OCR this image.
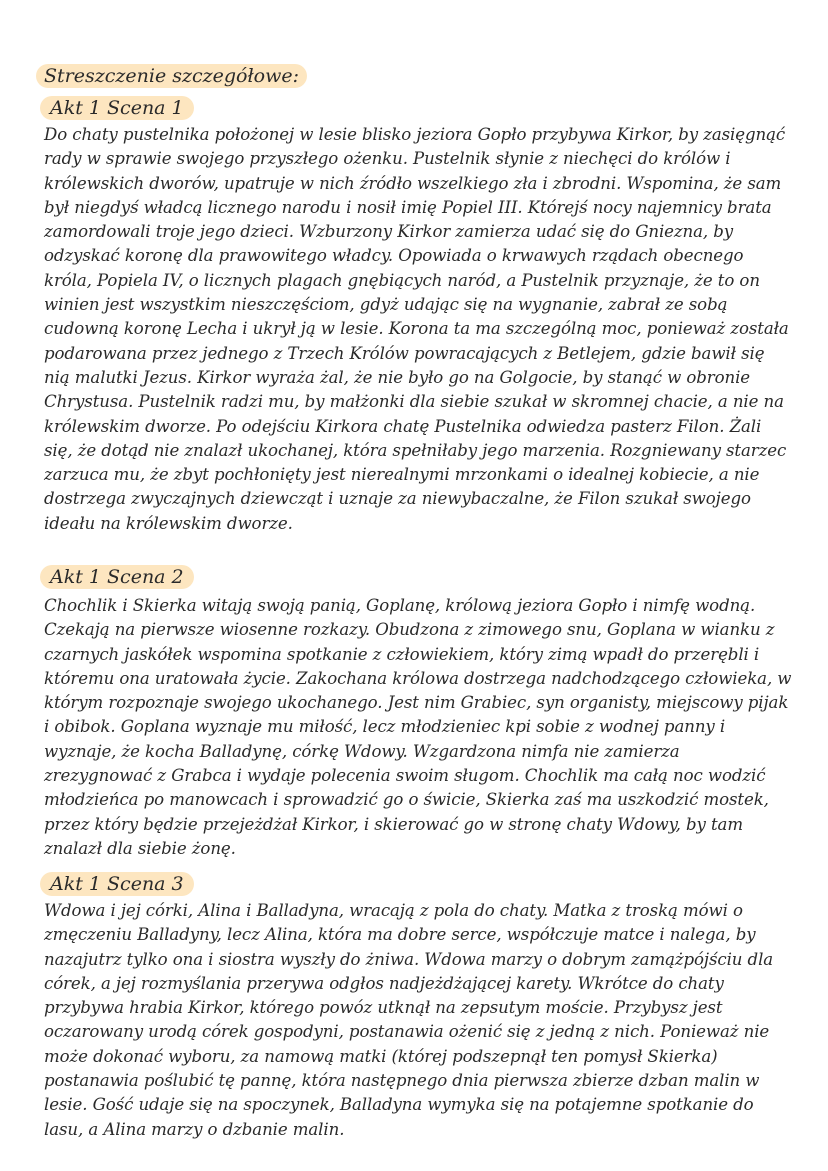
Streszczenie szczegółowe:
Akt 1 Scena 1

Do chaty pustelnika położonej w lesie blisko jeziora Gopło przybywa Kirkor, by zasięgnąć rady w sprawie swojego przyszłego ożenku. Pustelnik słynie z niechęci do królów i królewskich dworów, upatruje w nich źródło wszelkiego zła i zbrodni. Wspomina, że sam był niegdyś władcą licznego narodu i nosił imię Popiel III. Którejś nocy najemnicy brata zamordowali troje jego dzieci. Wzburzony Kirkor zamierza udać się do Gniezna, by odzyskać koronę dla prawowitego władcy. Opowiada o krwawych rządach obecnego króla, Popiela IV, o licznych plagach gnębiących naród, a Pustelnik przyznaje, że to on winien jest wszystkim nieszczęściom, gdyż udając się na wygnanie, zabrał ze sobą cudowną koronę Lecha i ukrył ją w lesie. Korona ta ma szczególną moc, ponieważ została podarowana przez jednego z Trzech Królów powracających z Betlejem, gdzie bawił się nią malutki Jezus. Kirkor wyraża żal, że nie było go na Golgocie, by stanąć w obronie Chrystusa. Pustelnik radzi mu, by małżonki dla siebie szukał w skromnej chacie, a nie na królewskim dworze. Po odejściu Kirkora chatę Pustelnika odwiedza pasterz Filon. Żali się, że dotąd nie znalazł ukochanej, która spełniłaby jego marzenia. Rozgniewany starzec zarzuca mu, że zbyt pochłonięty jest nierealnymi mrzonkami o idealnej kobiecie, a nie dostrzega zwyczajnych dziewcząt i uznaje za niewybaczalne, że Filon szukał swojego ideału na królewskim dworze.

Akt 1 Scena 2

Chochlik i Skierka witają swoją panią, Goplanę, królową jeziora Gopło i nimfę wodną. Czekają na pierwsze wiosenne rozkazy. Obudzona z zimowego snu, Goplana w wianku z czarnych jaskółek wspomina spotkanie z człowiekiem, który zimą wpadł do przerębli i któremu ona uratowała życie. Zakochana królowa dostrzega nadchodzącego człowieka, w którym rozpoznaje swojego ukochanego. Jest nim Grabiec, syn organisty, miejscowy pijak i obibok. Goplana wyznaje mu miłość, lecz młodzieniec kpi sobie z wodnej panny i wyznaje, że kocha Balladynę, córkę Wdowy. Wzgardzona nimfa nie zamierza zrezygnować z Grabca i wydaje polecenia swoim sługom. Chochlik ma całą noc wodzić młodzieńca po manowcach i sprowadzić go o świcie, Skierka zaś ma uszkodzić mostek, przez który będzie przejeżdżał Kirkor, i skierować go w stronę chaty Wdowy, by tam znalazł dla siebie żonę.

Akt 1 Scena 3

Wdowa i jej córki, Alina i Balladyna, wracają z pola do chaty. Matka z troską mówi o zmęczeniu Balladyny, lecz Alina, która ma dobre serce, współczuje matce i nalega, by nazajutrz tylko ona i siostra wyszły do żniwa. Wdowa marzy o dobrym zamążpójściu dla córek, a jej rozmyślania przerywa odgłos nadjeżdżającej karety. Wkrótce do chaty przybywa hrabia Kirkor, którego powóz utknął na zepsutym moście. Przybysz jest oczarowany urodą córek gospodyni, postanawia ożenić się z jedną z nich. Ponieważ nie może dokonać wyboru, za namową matki (której podszepnął ten pomysł Skierka) postanawia poślubić tę pannę, która następnego dnia pierwsza zbierze dzban malin w lesie. Gość udaje się na spoczynek, Balladyna wymyka się na potajemne spotkanie do lasu, a Alina marzy o dzbanie malin.
